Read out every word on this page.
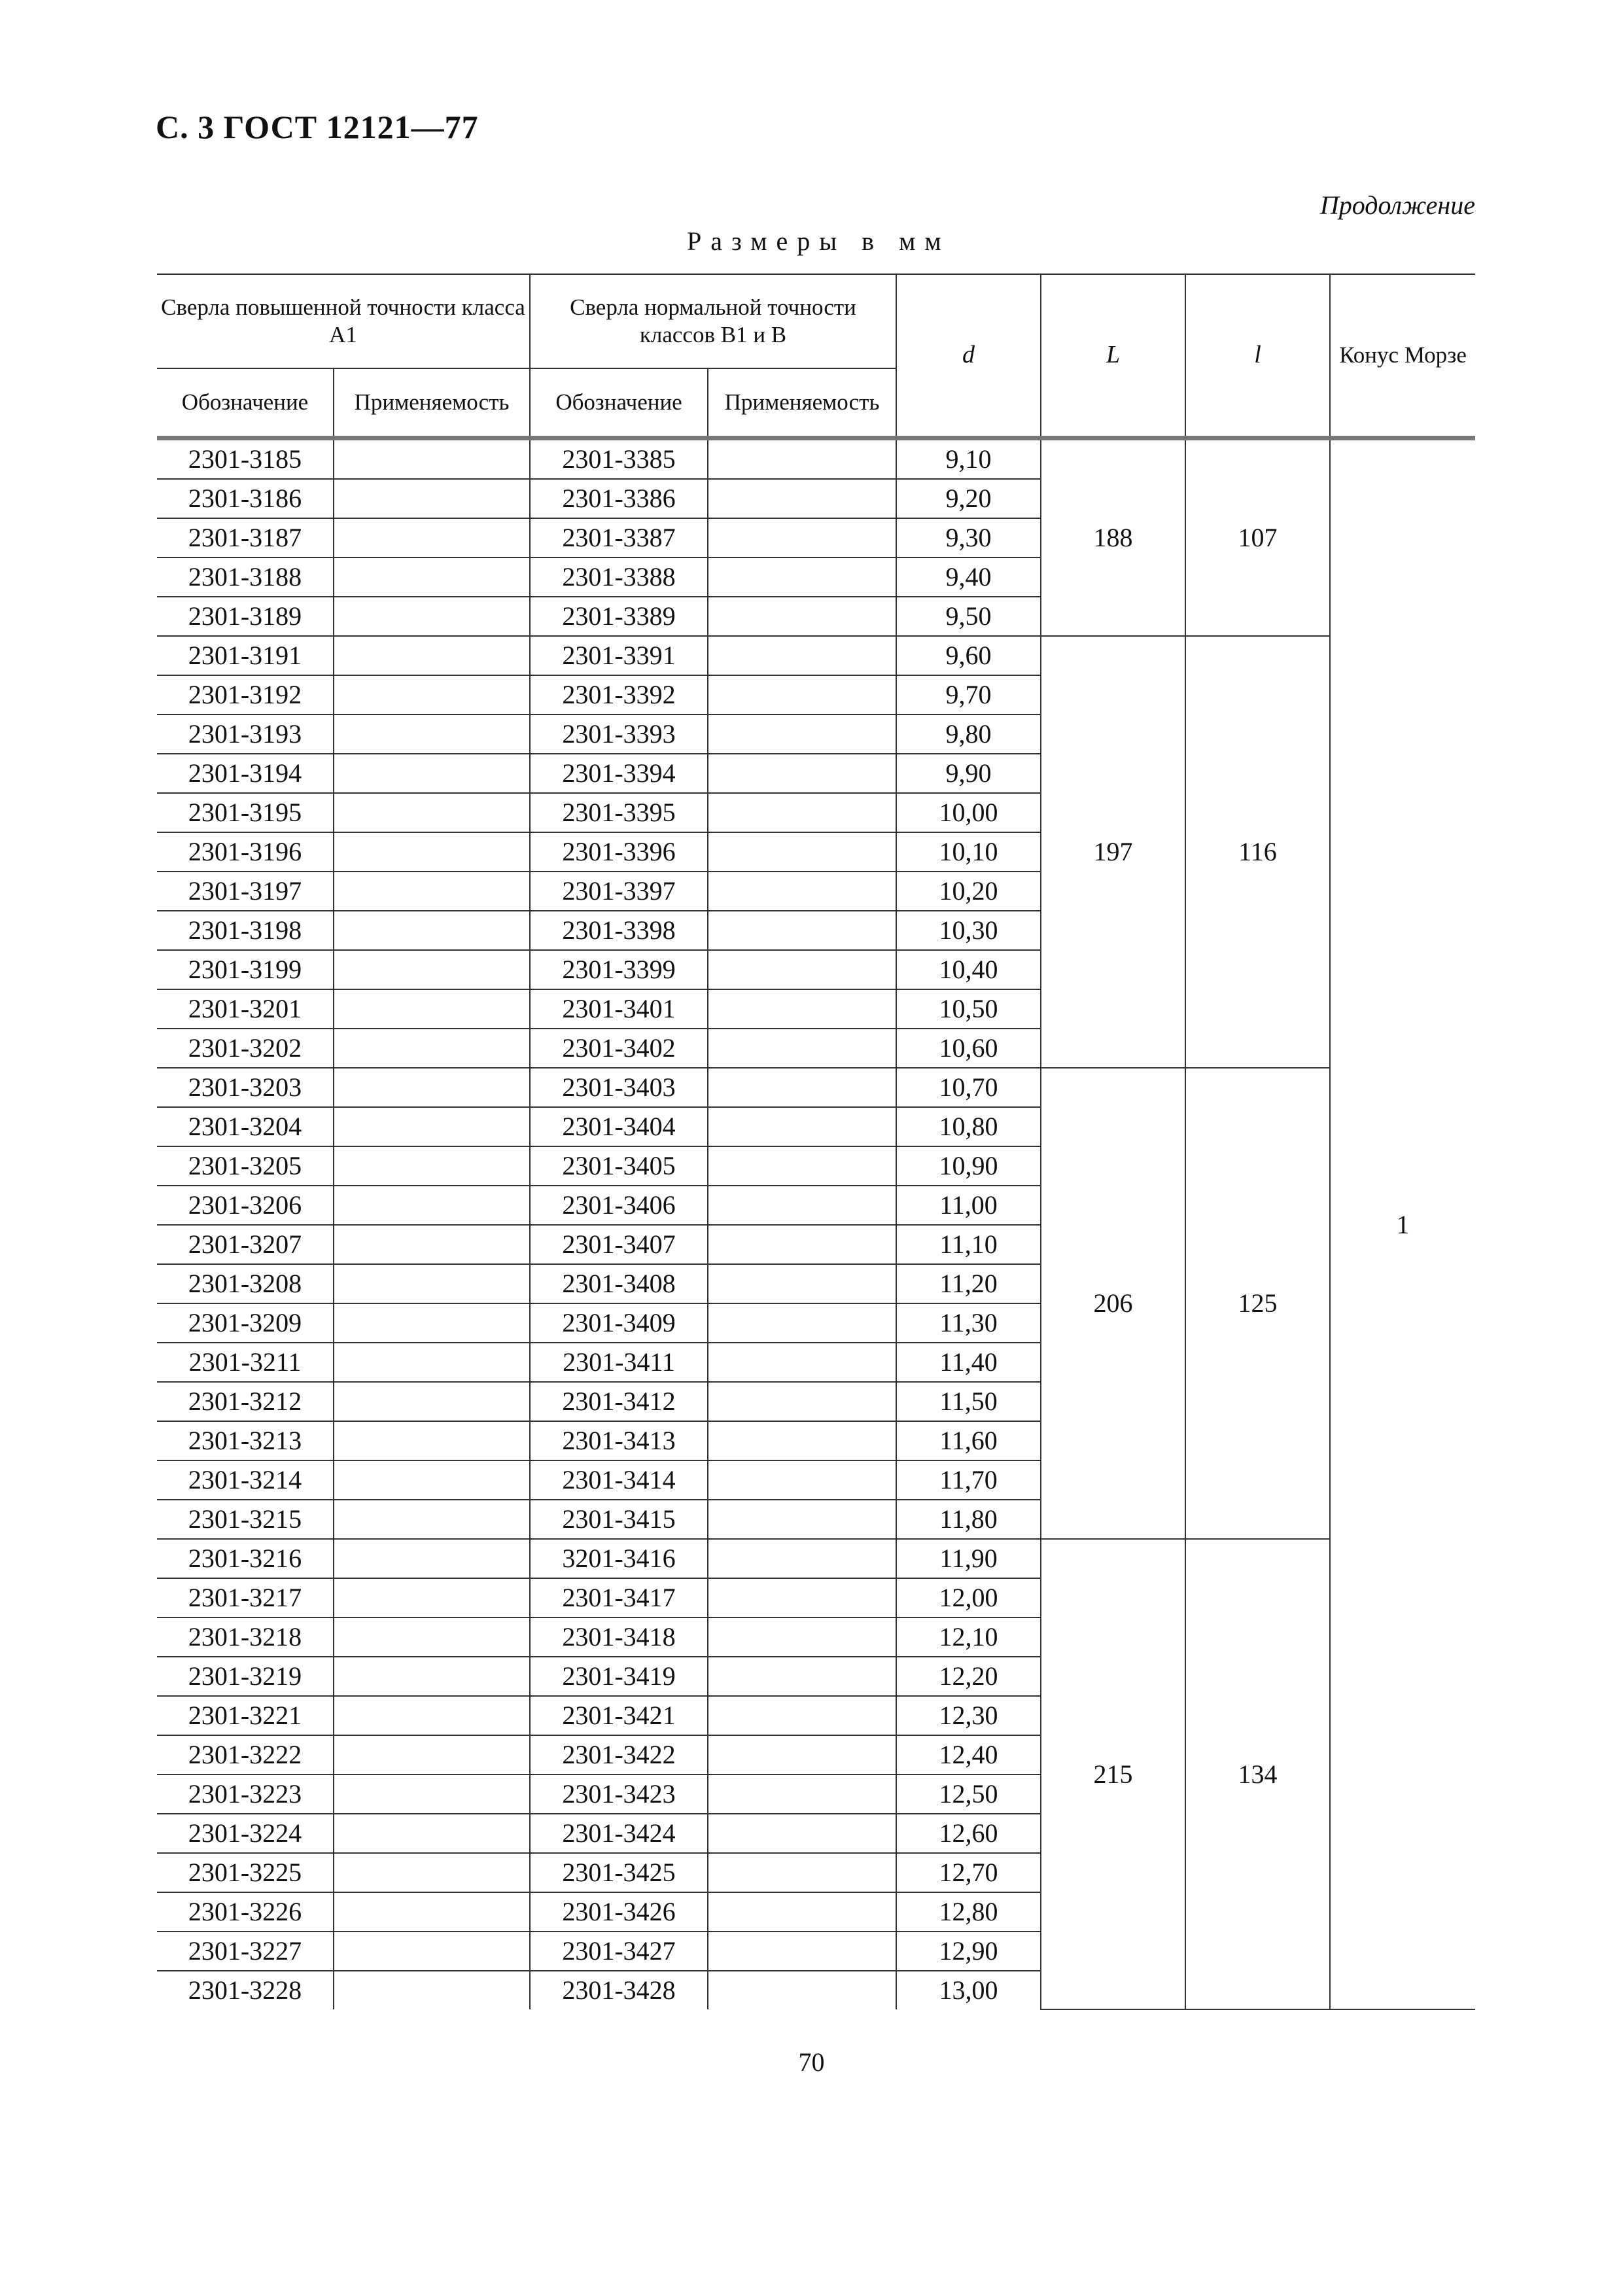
С. 3 ГОСТ 12121—77
Продолжение
Размеры в мм
Сверла повышенной точности класса А1		Сверла нормальной точности классов В1 и В		d	L	l	Конус Морзе
Обозначение	Применяемость	Обозначение	Применяемость				
2301-3185		2301-3385		9,10	188	107	1
2301-3186		2301-3386		9,20			
2301-3187		2301-3387		9,30			
2301-3188		2301-3388		9,40			
2301-3189		2301-3389		9,50			
2301-3191		2301-3391		9,60	197	116	
2301-3192		2301-3392		9,70			
2301-3193		2301-3393		9,80			
2301-3194		2301-3394		9,90			
2301-3195		2301-3395		10,00			
2301-3196		2301-3396		10,10			
2301-3197		2301-3397		10,20			
2301-3198		2301-3398		10,30			
2301-3199		2301-3399		10,40			
2301-3201		2301-3401		10,50			
2301-3202		2301-3402		10,60			
2301-3203		2301-3403		10,70	206	125	
2301-3204		2301-3404		10,80			
2301-3205		2301-3405		10,90			
2301-3206		2301-3406		11,00			
2301-3207		2301-3407		11,10			
2301-3208		2301-3408		11,20			
2301-3209		2301-3409		11,30			
2301-3211		2301-3411		11,40			
2301-3212		2301-3412		11,50			
2301-3213		2301-3413		11,60			
2301-3214		2301-3414		11,70			
2301-3215		2301-3415		11,80			
2301-3216		3201-3416		11,90	215	134	
2301-3217		2301-3417		12,00			
2301-3218		2301-3418		12,10			
2301-3219		2301-3419		12,20			
2301-3221		2301-3421		12,30			
2301-3222		2301-3422		12,40			
2301-3223		2301-3423		12,50			
2301-3224		2301-3424		12,60			
2301-3225		2301-3425		12,70			
2301-3226		2301-3426		12,80			
2301-3227		2301-3427		12,90			
2301-3228		2301-3428		13,00			
70
